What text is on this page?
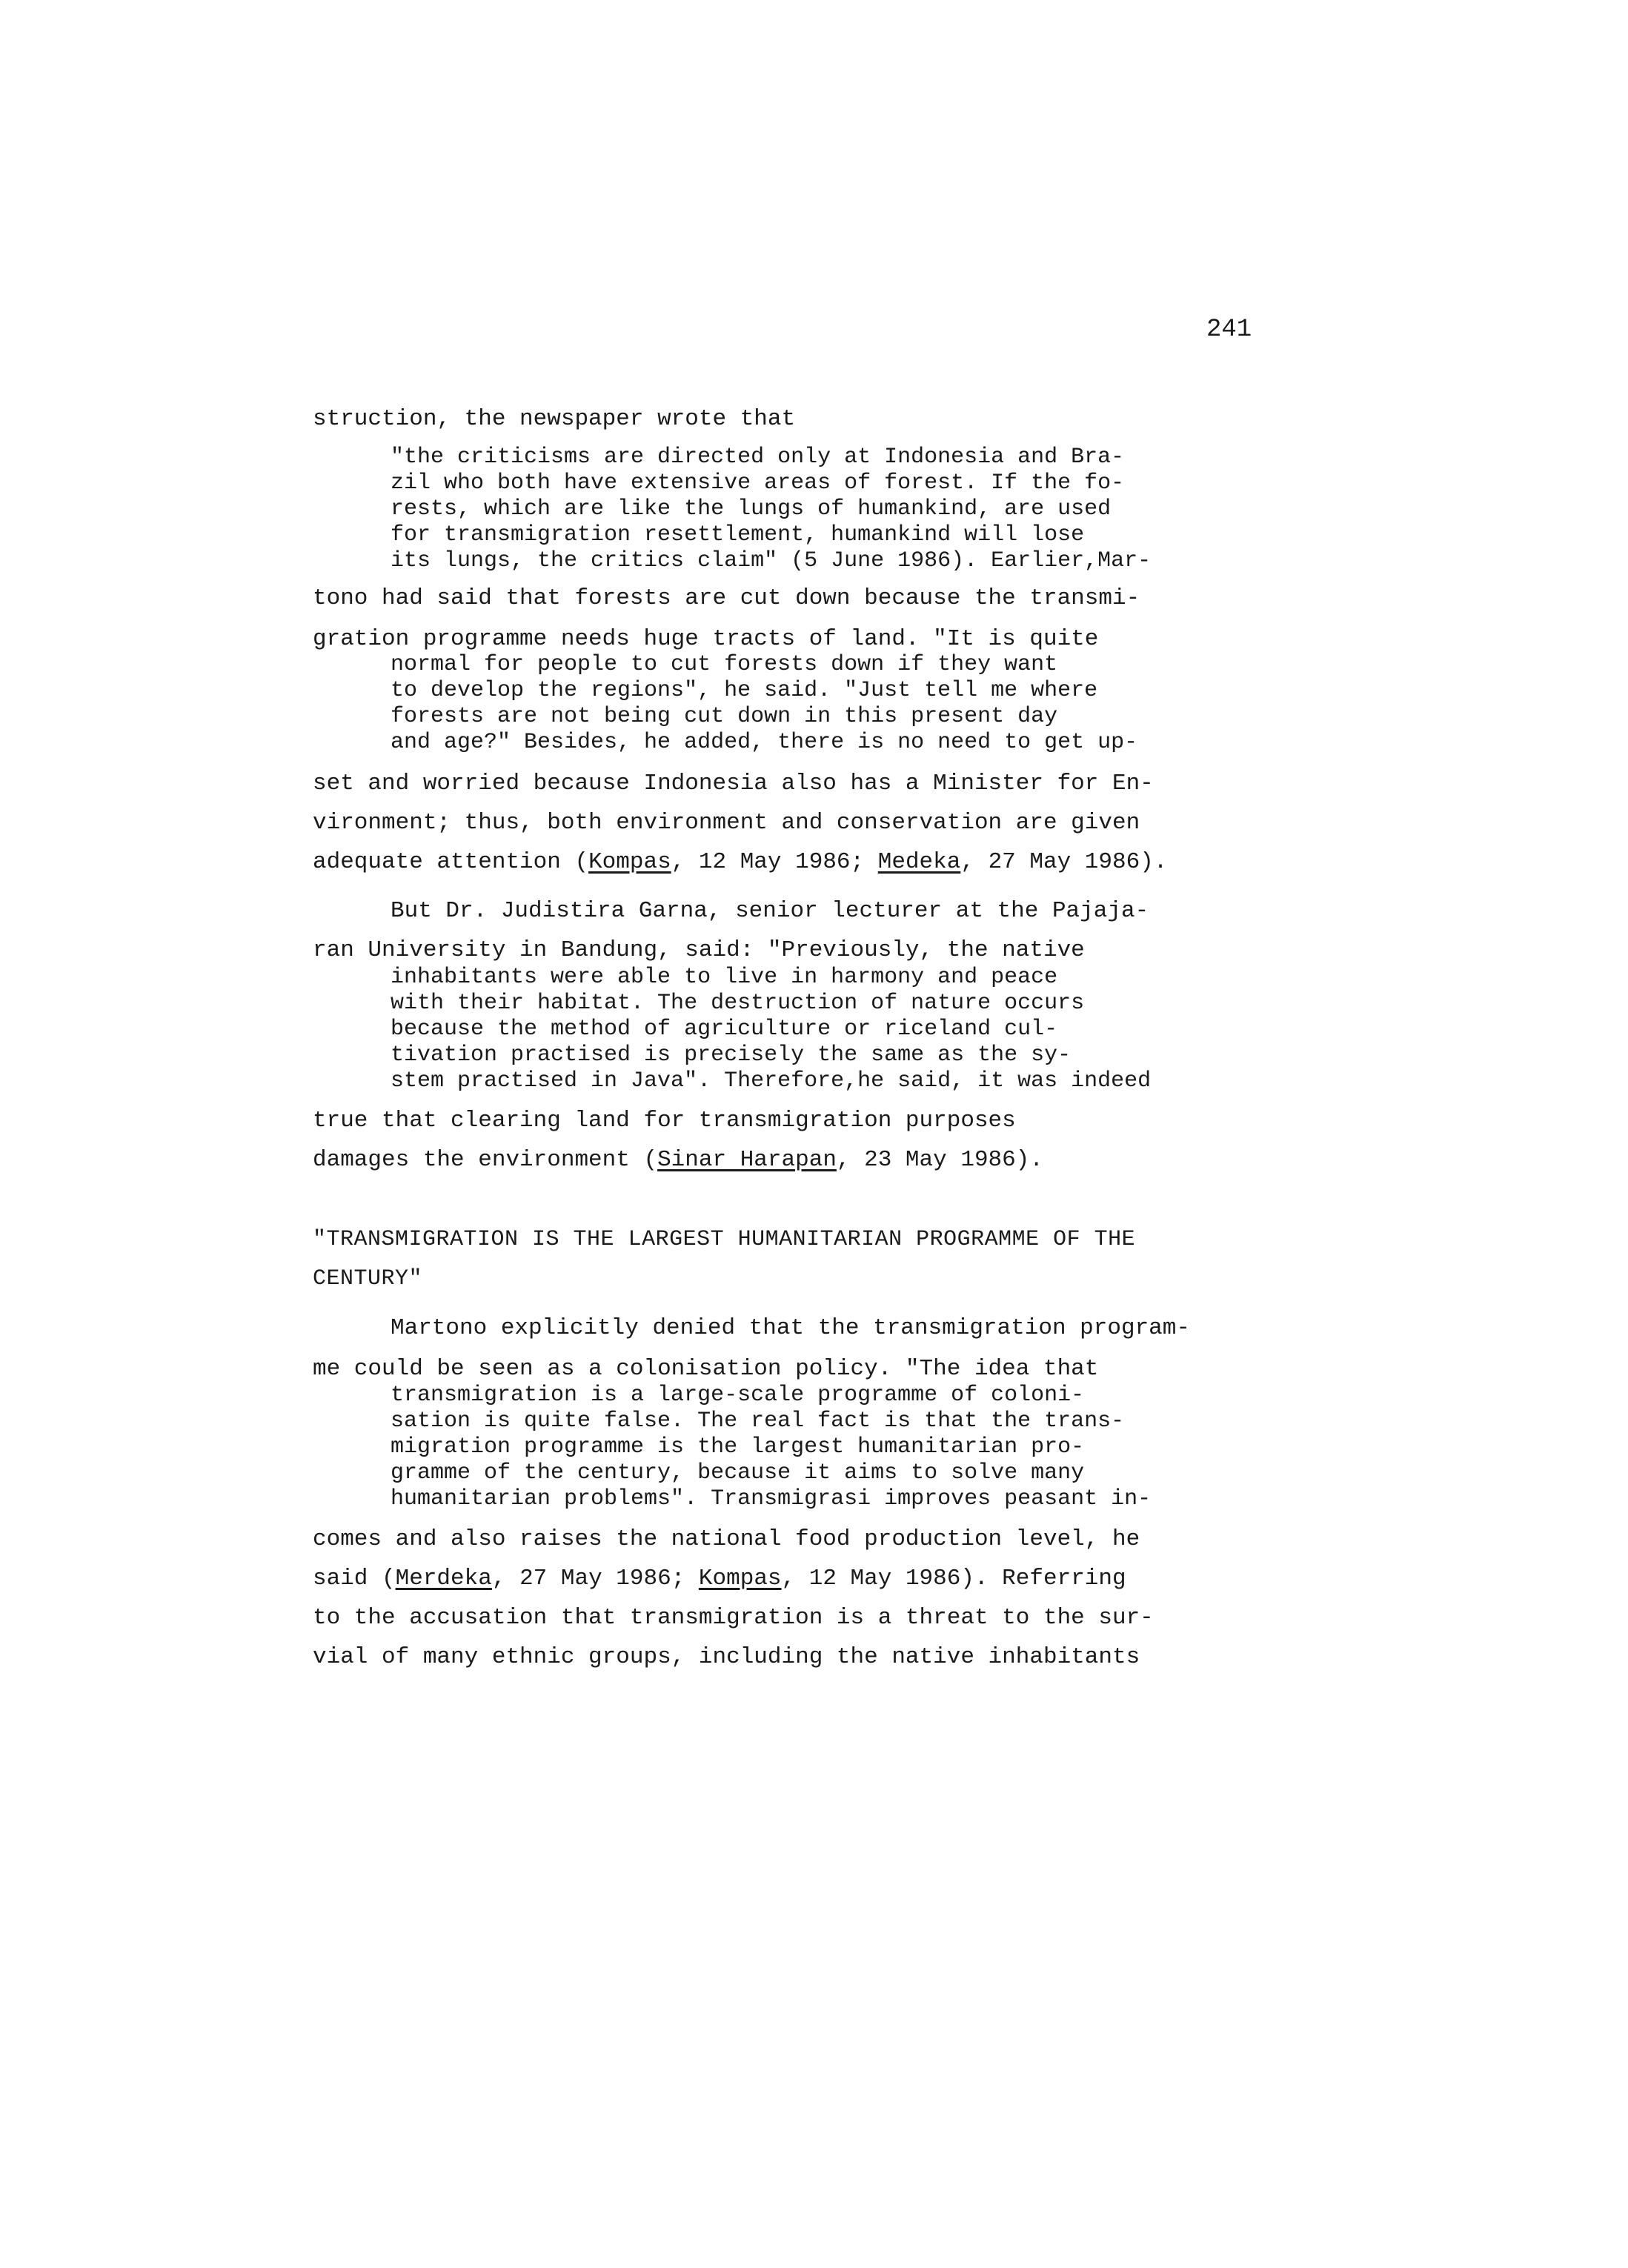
241

struction, the newspaper wrote that

"the criticisms are directed only at Indonesia and Bra-

zil who both have extensive areas of forest. If the fo-

rests, which are like the lungs of humankind, are used

for transmigration resettlement, humankind will lose

its lungs, the critics claim" (5 June 1986). Earlier,Mar-

tono had said that forests are cut down because the transmi-

gration programme needs huge tracts of land. "It is quite

normal for people to cut forests down if they want

to develop the regions", he said. "Just tell me where

forests are not being cut down in this present day

and age?" Besides, he added, there is no need to get up-

set and worried because Indonesia also has a Minister for En-

vironment; thus, both environment and conservation are given

adequate attention (Kompas, 12 May 1986; Medeka, 27 May 1986).

But Dr. Judistira Garna, senior lecturer at the Pajaja-

ran University in Bandung, said: "Previously, the native

inhabitants were able to live in harmony and peace

with their habitat. The destruction of nature occurs

because the method of agriculture or riceland cul-

tivation practised is precisely the same as the sy-

stem practised in Java". Therefore,he said, it was indeed

true that clearing land for transmigration purposes

damages the environment (Sinar Harapan, 23 May 1986).

"TRANSMIGRATION IS THE LARGEST HUMANITARIAN PROGRAMME OF THE

CENTURY"

Martono explicitly denied that the transmigration program-

me could be seen as a colonisation policy. "The idea that

transmigration is a large-scale programme of coloni-

sation is quite false. The real fact is that the trans-

migration programme is the largest humanitarian pro-

gramme of the century, because it aims to solve many

humanitarian problems". Transmigrasi improves peasant in-

comes and also raises the national food production level, he

said (Merdeka, 27 May 1986; Kompas, 12 May 1986). Referring

to the accusation that transmigration is a threat to the sur-

vial of many ethnic groups, including the native inhabitants
